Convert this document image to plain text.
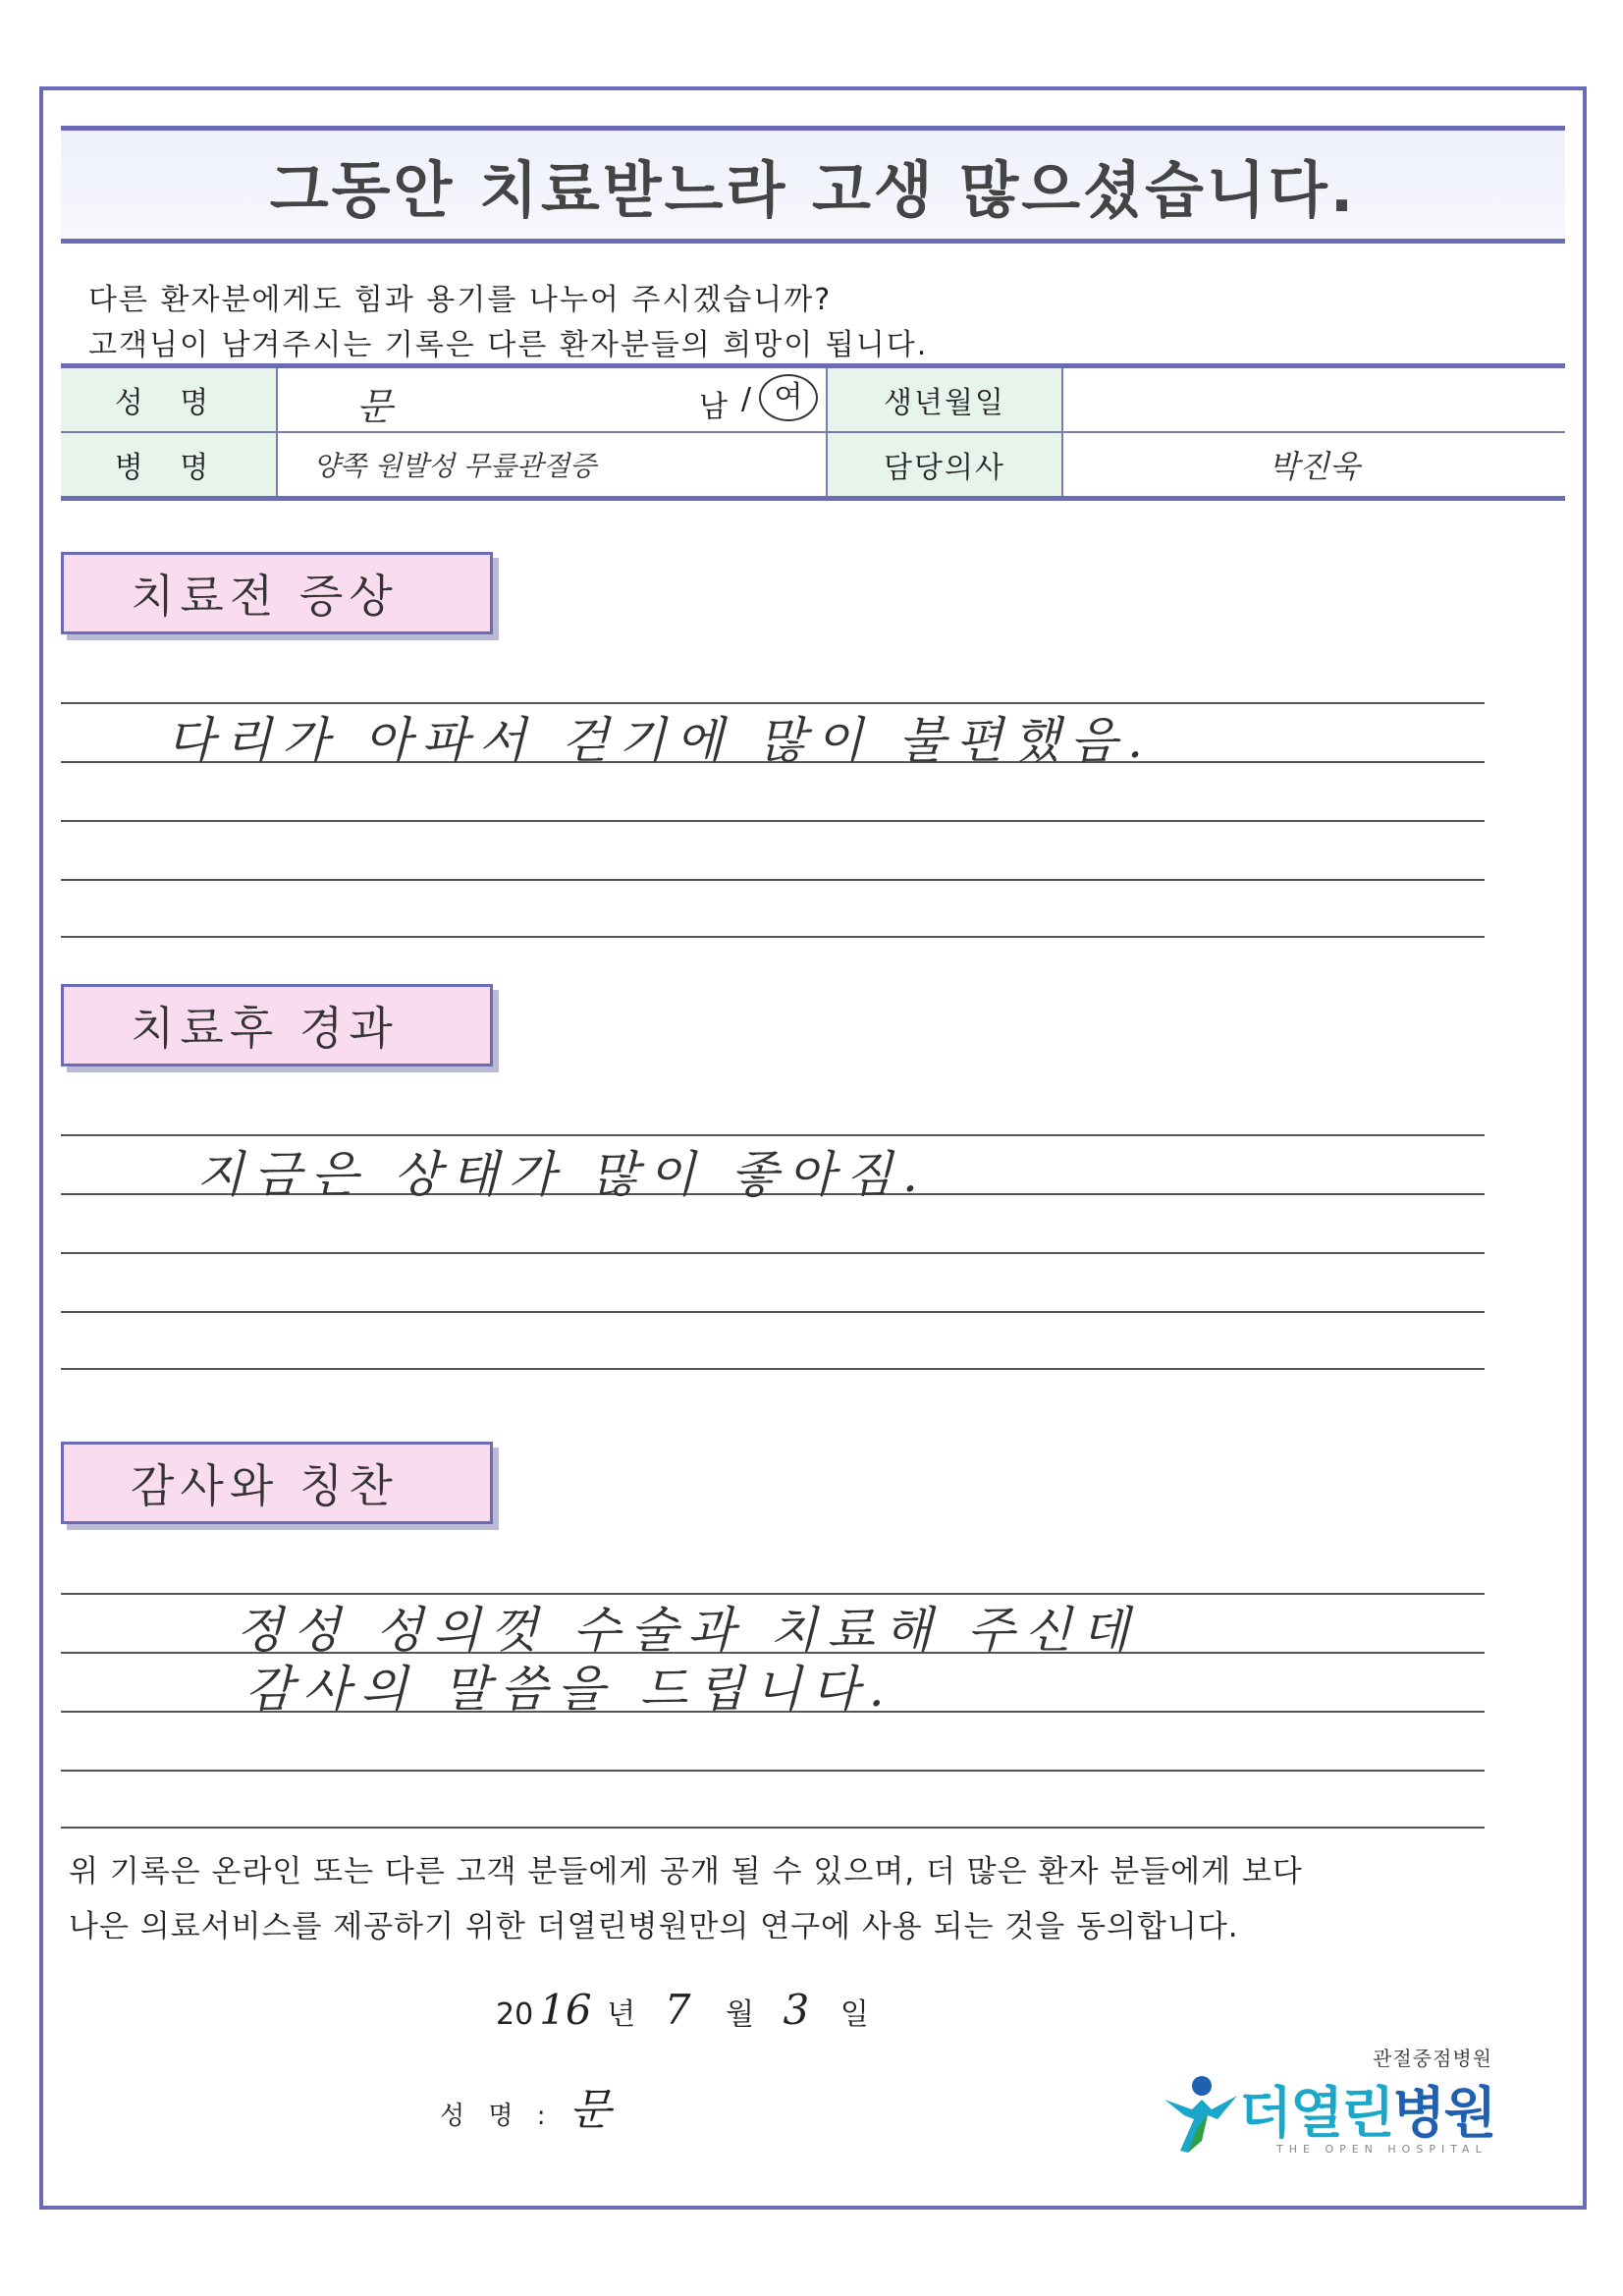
그동안 치료받느라 고생 많으셨습니다.
다른 환자분에게도 힘과 용기를 나누어 주시겠습니까?
고객님이 남겨주시는 기록은 다른 환자분들의 희망이 됩니다.
성 명	문 남 / 여	생년월일	
병 명	양쪽 원발성 무릎관절증	담당의사	박진욱
치료전 증상
다리가 아파서 걷기에 많이 불편했음.
치료후 경과
지금은 상태가 많이 좋아짐.
감사와 칭찬
정성 성의껏 수술과 치료해 주신데
감사의 말씀을 드립니다.
위 기록은 온라인 또는 다른 고객 분들에게 공개 될 수 있으며, 더 많은 환자 분들에게 보다
나은 의료서비스를 제공하기 위한 더열린병원만의 연구에 사용 되는 것을 동의합니다.
20 16 년 7 월 3 일
성 명 : 문
관절중점병원
더열린병원
THE OPEN HOSPITAL
